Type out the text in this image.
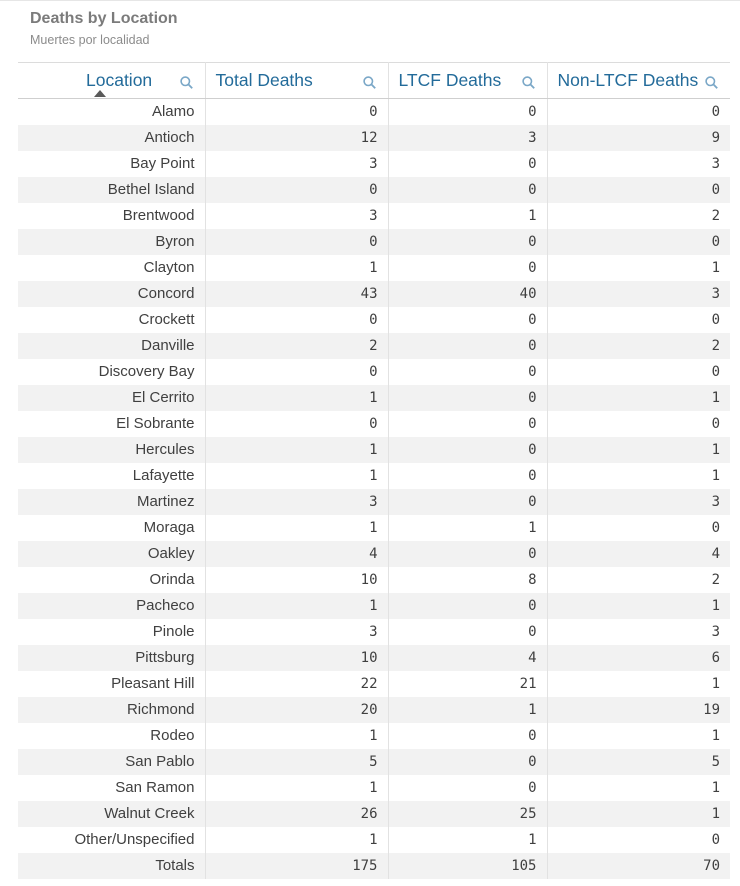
Deaths by Location
Muertes por localidad
Location	Total Deaths	LTCF Deaths	Non-LTCF Deaths

Alamo	0	0	0
Antioch	12	3	9
Bay Point	3	0	3
Bethel Island	0	0	0
Brentwood	3	1	2
Byron	0	0	0
Clayton	1	0	1
Concord	43	40	3
Crockett	0	0	0
Danville	2	0	2
Discovery Bay	0	0	0
El Cerrito	1	0	1
El Sobrante	0	0	0
Hercules	1	0	1
Lafayette	1	0	1
Martinez	3	0	3
Moraga	1	1	0
Oakley	4	0	4
Orinda	10	8	2
Pacheco	1	0	1
Pinole	3	0	3
Pittsburg	10	4	6
Pleasant Hill	22	21	1
Richmond	20	1	19
Rodeo	1	0	1
San Pablo	5	0	5
San Ramon	1	0	1
Walnut Creek	26	25	1
Other/Unspecified	1	1	0
Totals	175	105	70
